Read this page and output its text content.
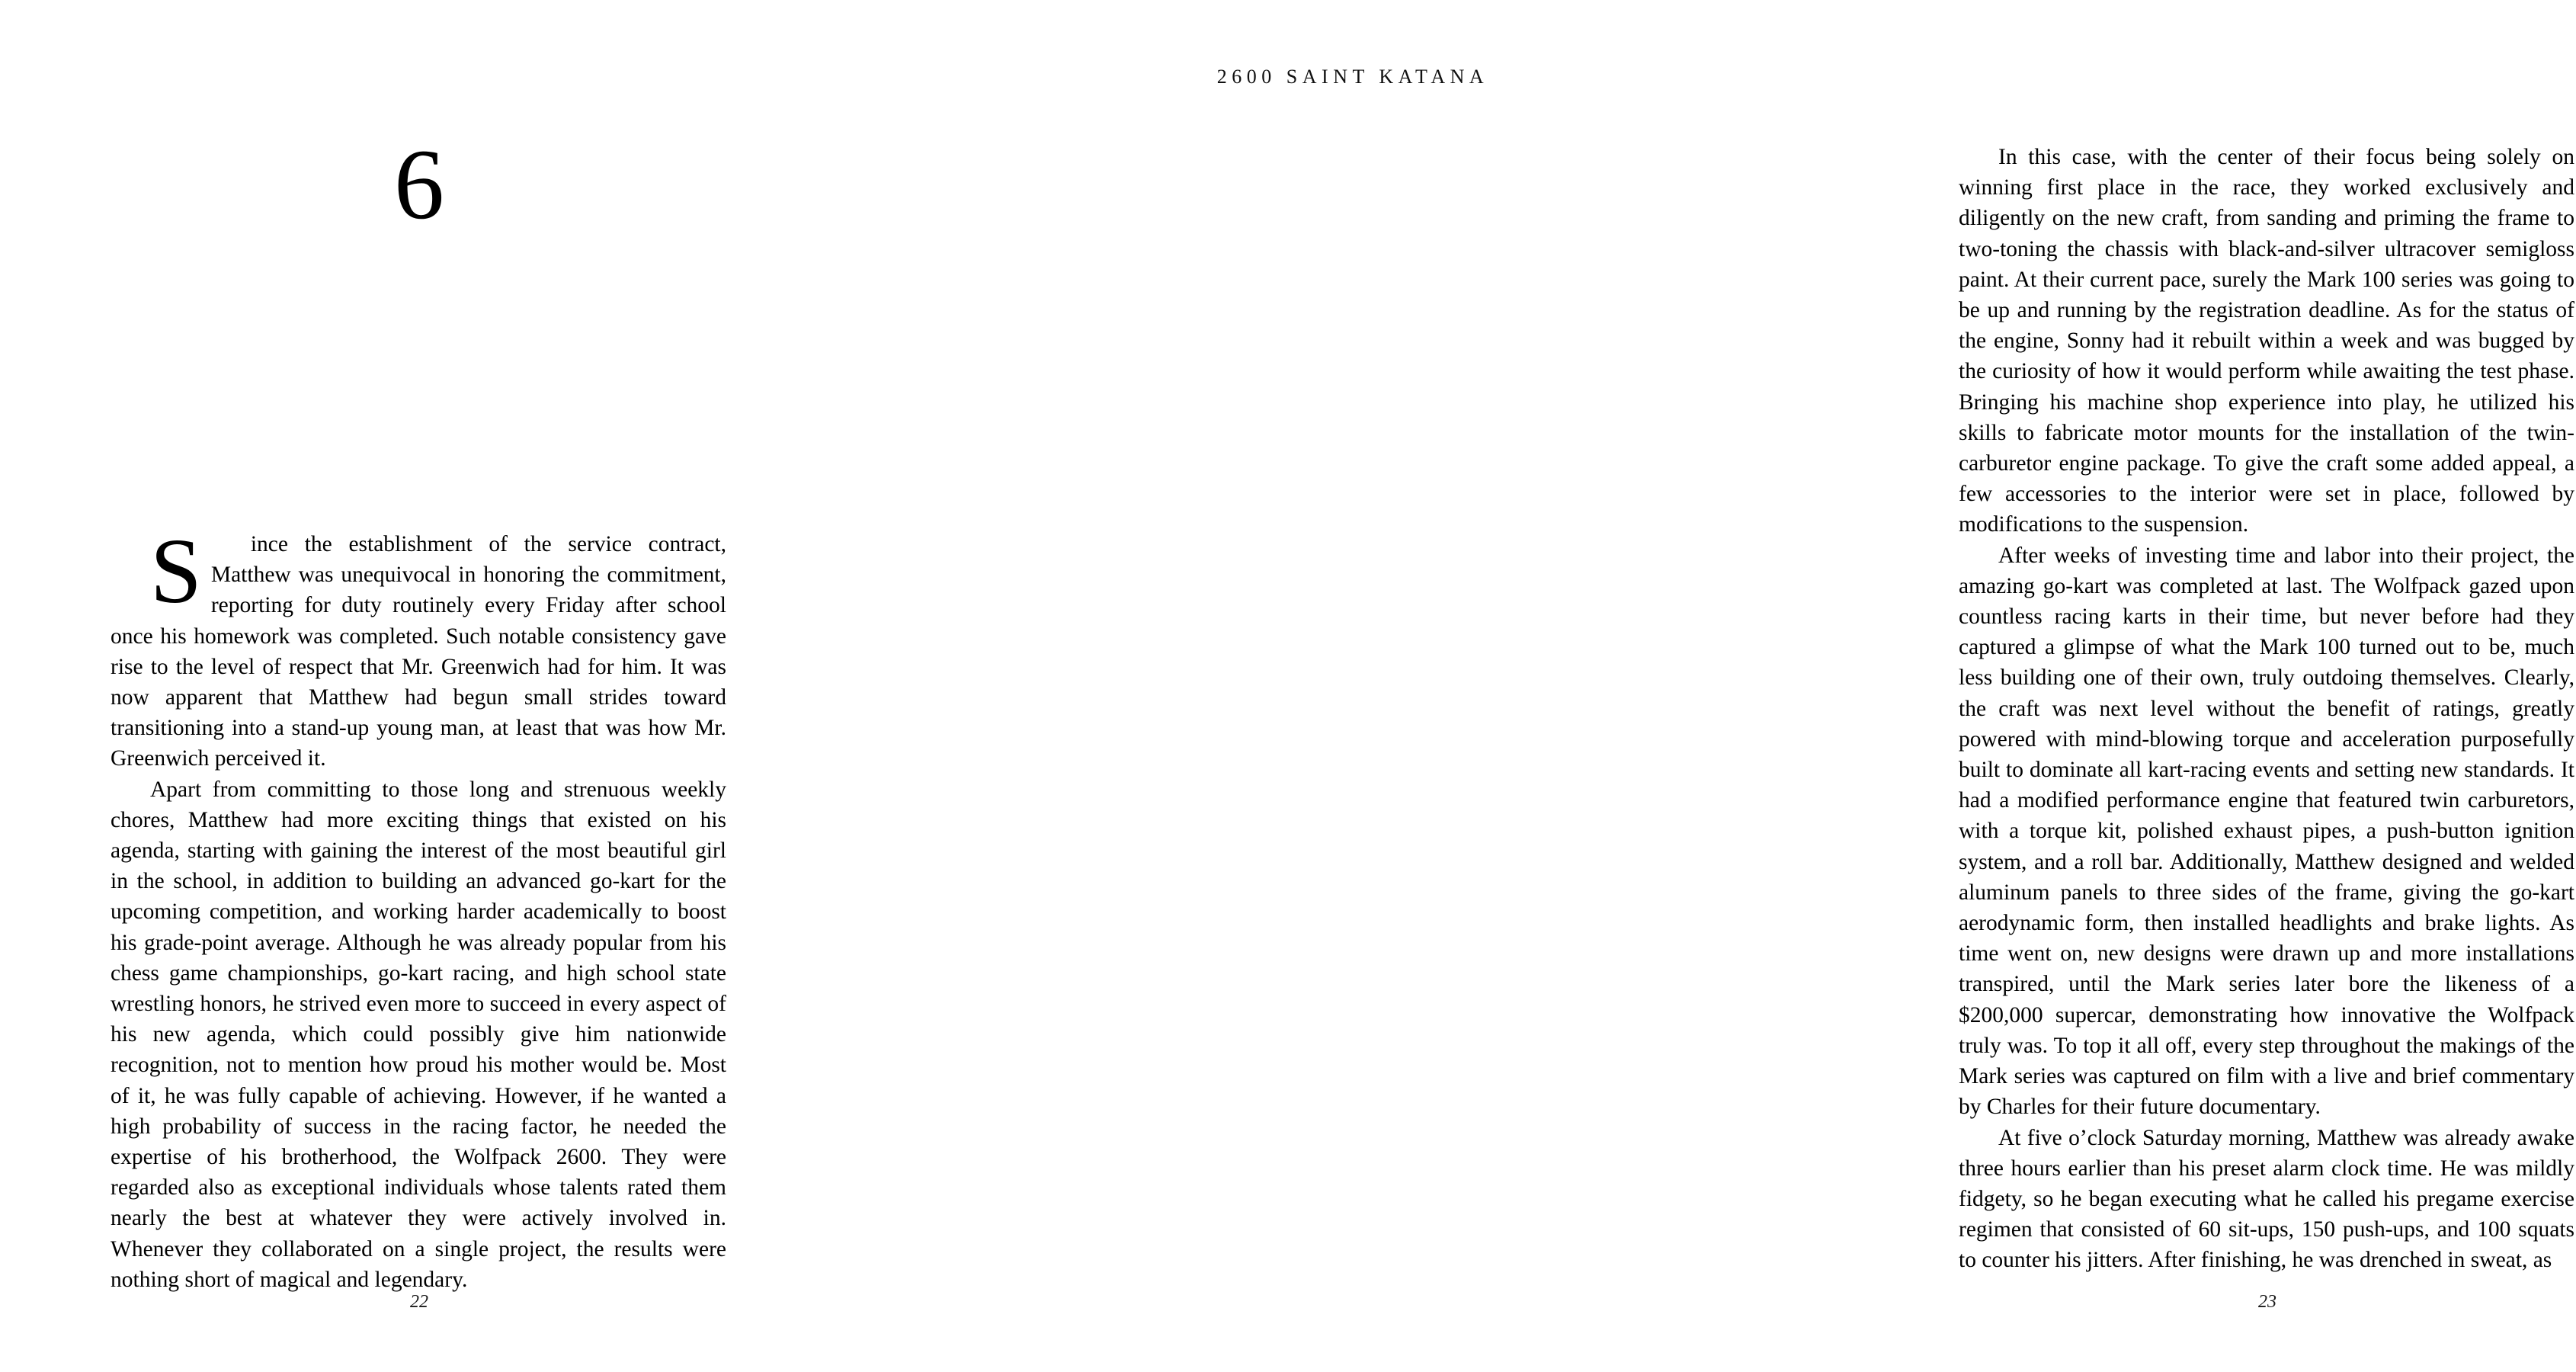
6

S	ince the establishment of the service contract, Matthew was unequivocal in honoring the commitment, reporting for duty routinely every Friday after school once his homework was completed. Such notable consistency gave rise to the level of respect that Mr. Greenwich had for him. It was now apparent that Matthew had begun small strides toward transitioning into a stand-up young man, at least that was how Mr. Greenwich perceived it.

Apart from committing to those long and strenuous weekly chores, Matthew had more exciting things that existed on his agenda, starting with gaining the interest of the most beautiful girl in the school, in addition to building an advanced go-kart for the upcoming competition, and working harder academically to boost his grade-point average. Although he was already popular from his chess game championships, go-kart racing, and high school state wrestling honors, he strived even more to succeed in every aspect of his new agenda, which could possibly give him nationwide recognition, not to mention how proud his mother would be. Most of it, he was fully capable of achieving. However, if he wanted a high probability of success in the racing factor, he needed the expertise of his brotherhood, the Wolfpack 2600. They were regarded also as exceptional individuals whose talents rated them nearly the best at whatever they were actively involved in. Whenever they collaborated on a single project, the results were nothing short of magical and legendary.

22
2600 SAINT KATANA

In this case, with the center of their focus being solely on winning first place in the race, they worked exclusively and diligently on the new craft, from sanding and priming the frame to two-toning the chassis with black-and-silver ultracover semigloss paint. At their current pace, surely the Mark 100 series was going to be up and running by the registration deadline. As for the status of the engine, Sonny had it rebuilt within a week and was bugged by the curiosity of how it would perform while awaiting the test phase. Bringing his machine shop experience into play, he utilized his skills to fabricate motor mounts for the installation of the twin-carburetor engine package. To give the craft some added appeal, a few accessories to the interior were set in place, followed by modifications to the suspension.

After weeks of investing time and labor into their project, the amazing go-kart was completed at last. The Wolfpack gazed upon countless racing karts in their time, but never before had they captured a glimpse of what the Mark 100 turned out to be, much less building one of their own, truly outdoing themselves. Clearly, the craft was next level without the benefit of ratings, greatly powered with mind-blowing torque and acceleration purposefully built to dominate all kart-racing events and setting new standards. It had a modified performance engine that featured twin carburetors, with a torque kit, polished exhaust pipes, a push-button ignition system, and a roll bar. Additionally, Matthew designed and welded aluminum panels to three sides of the frame, giving the go-kart aerodynamic form, then installed headlights and brake lights. As time went on, new designs were drawn up and more installations transpired, until the Mark series later bore the likeness of a $200,000 supercar, demonstrating how innovative the Wolfpack truly was. To top it all off, every step throughout the makings of the Mark series was captured on film with a live and brief commentary by Charles for their future documentary.

At five o’clock Saturday morning, Matthew was already awake three hours earlier than his preset alarm clock time. He was mildly fidgety, so he began executing what he called his pregame exercise regimen that consisted of 60 sit-ups, 150 push-ups, and 100 squats to counter his jitters. After finishing, he was drenched in sweat, as

23
